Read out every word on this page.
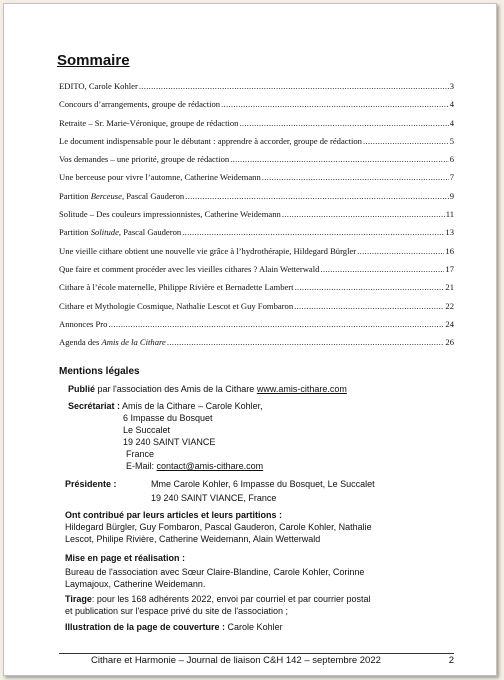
Sommaire
EDITO, Carole Kohler .....	3
Concours d’arrangements, groupe de rédaction .....	4
Retraite – Sr. Marie-Véronique, groupe de rédaction .....	4
Le document indispensable pour le débutant : apprendre à accorder, groupe de rédaction .....	5
Vos demandes – une priorité, groupe de rédaction .....	6
Une berceuse pour vivre l’automne, Catherine Weidemann .....	7
Partition Berceuse, Pascal Gauderon .....	9
Solitude – Des couleurs impressionnistes, Catherine Weidemann .....	11
Partition Solitude, Pascal Gauderon .....	13
Une vieille cithare obtient une nouvelle vie grâce à l’hydrothérapie, Hildegard Bürgler .....	16
Que faire et comment procéder avec les vieilles cithares ? Alain Wetterwald .....	17
Cithare à l’école maternelle, Philippe Rivière et Bernadette Lambert .....	21
Cithare et Mythologie Cosmique, Nathalie Lescot et Guy Fombaron .....	22
Annonces Pro .....	24
Agenda des Amis de la Cithare .....	26
Mentions légales
Publié par l'association des Amis de la Cithare www.amis-cithare.com
Secrétariat : Amis de la Cithare – Carole Kohler,
6 Impasse du Bosquet
Le Succalet
19 240 SAINT VIANCE
France
E-Mail: contact@amis-cithare.com
Présidente :	Mme Carole Kohler, 6 Impasse du Bosquet, Le Succalet
19 240 SAINT VIANCE, France
Ont contribué par leurs articles et leurs partitions :
Hildegard Bürgler, Guy Fombaron, Pascal Gauderon, Carole Kohler, Nathalie
Lescot, Philipe Rivière, Catherine Weidemann, Alain Wetterwald
Mise en page et réalisation :
Bureau de l'association avec Sœur Claire-Blandine, Carole Kohler, Corinne
Laymajoux, Catherine Weidemann.
Tirage: pour les 168 adhérents 2022, envoi par courriel et par courrier postal
et publication sur l'espace privé du site de l'association ;
Illustration de la page de couverture : Carole Kohler
Cithare et Harmonie – Journal de liaison C&H 142 – septembre 2022	2
